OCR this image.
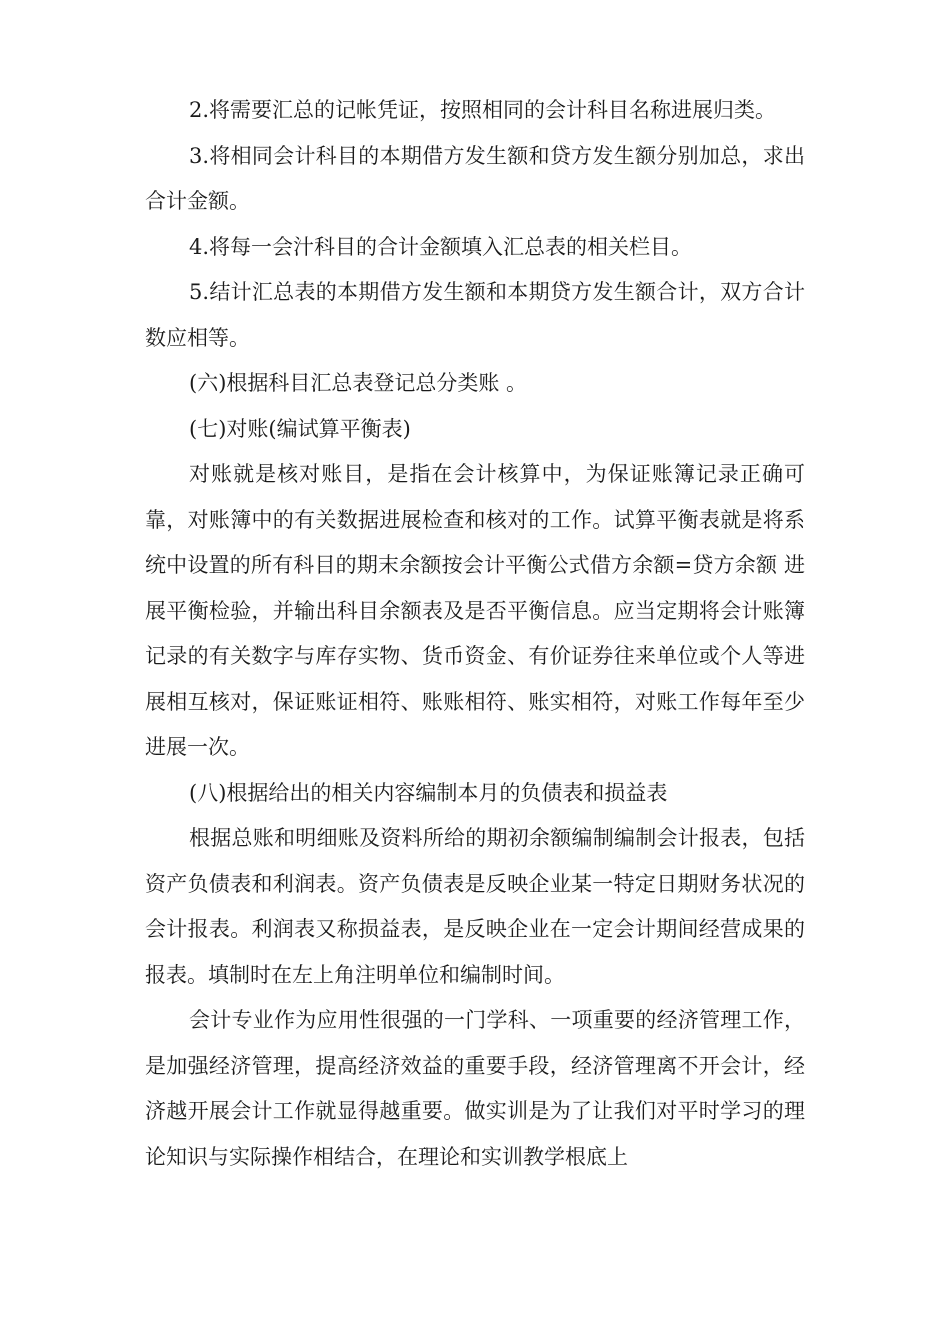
2.将需要汇总的记帐凭证，按照相同的会计科目名称进展归类。

3.将相同会计科目的本期借方发生额和贷方发生额分别加总，求出合计金额。

4.将每一会汁科目的合计金额填入汇总表的相关栏目。

5.结计汇总表的本期借方发生额和本期贷方发生额合计，双方合计数应相等。

(六)根据科目汇总表登记总分类账 。

(七)对账(编试算平衡表)

对账就是核对账目，是指在会计核算中，为保证账簿记录正确可靠，对账簿中的有关数据进展检查和核对的工作。试算平衡表就是将系统中设置的所有科目的期末余额按会计平衡公式借方余额=贷方余额 进展平衡检验，并输出科目余额表及是否平衡信息。应当定期将会计账簿记录的有关数字与库存实物、货币资金、有价证券往来单位或个人等进展相互核对，保证账证相符、账账相符、账实相符，对账工作每年至少进展一次。

(八)根据给出的相关内容编制本月的负债表和损益表

根据总账和明细账及资料所给的期初余额编制编制会计报表，包括资产负债表和利润表。资产负债表是反映企业某一特定日期财务状况的会计报表。利润表又称损益表，是反映企业在一定会计期间经营成果的报表。填制时在左上角注明单位和编制时间。

会计专业作为应用性很强的一门学科、一项重要的经济管理工作，是加强经济管理，提高经济效益的重要手段，经济管理离不开会计，经济越开展会计工作就显得越重要。做实训是为了让我们对平时学习的理论知识与实际操作相结合，在理论和实训教学根底上
